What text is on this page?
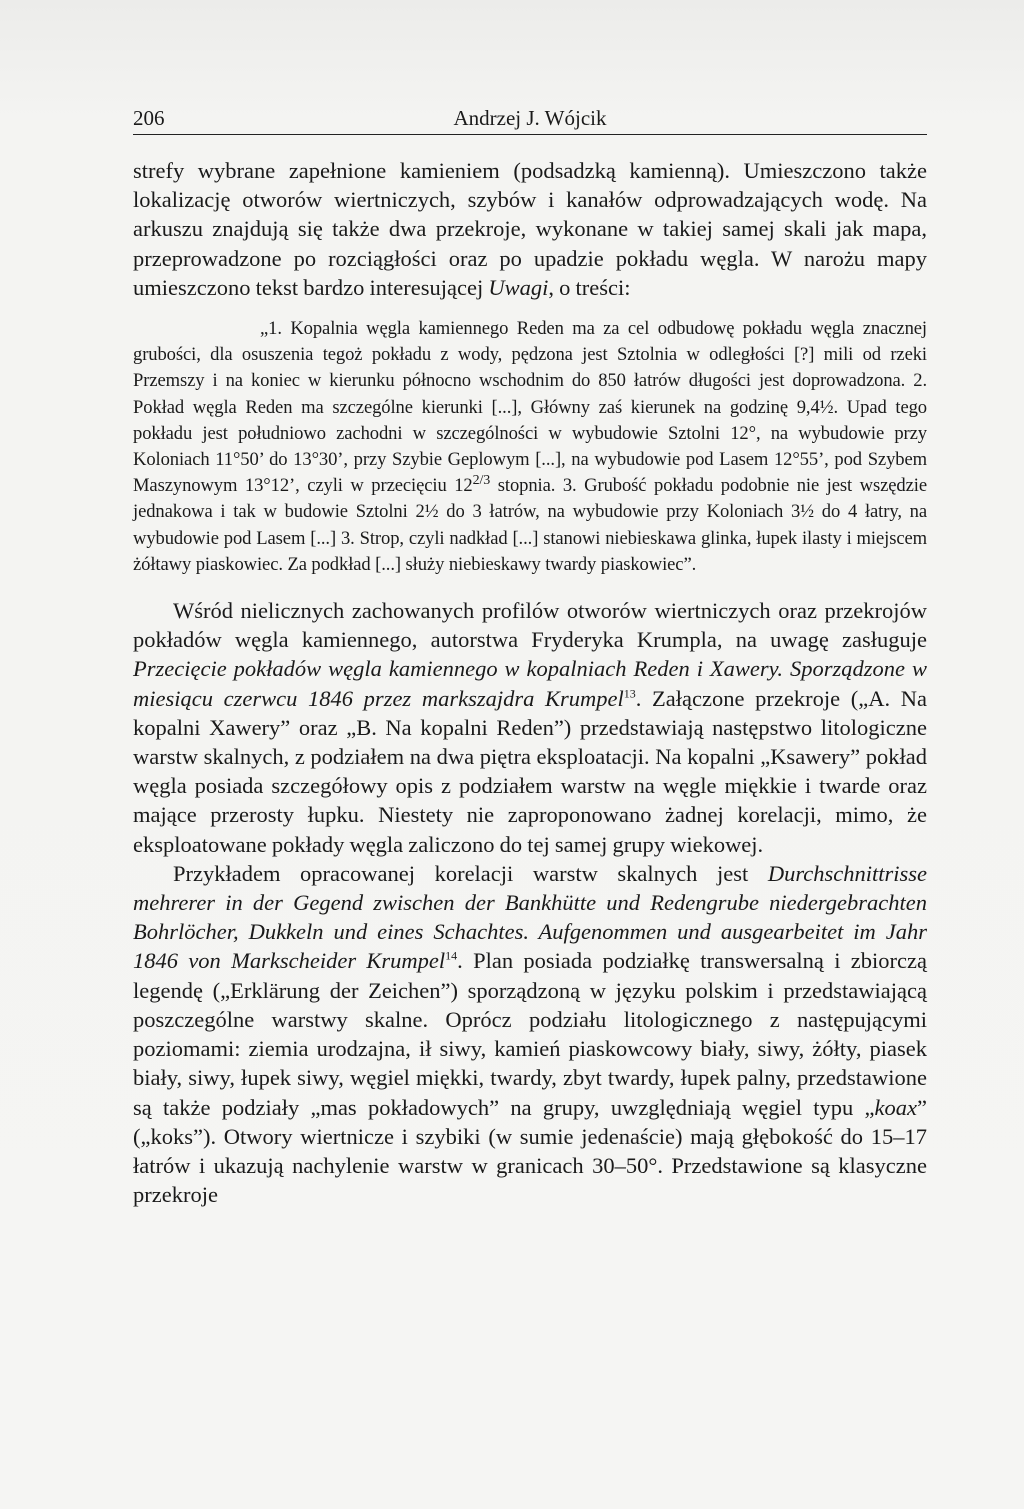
206	Andrzej J. Wójcik

strefy wybrane zapełnione kamieniem (podsadzką kamienną). Umieszczono także lokalizację otworów wiertniczych, szybów i kanałów odprowadzających wodę. Na arkuszu znajdują się także dwa przekroje, wykonane w takiej samej skali jak mapa, przeprowadzone po rozciągłości oraz po upadzie pokładu węgla. W narożu mapy umieszczono tekst bardzo interesującej Uwagi, o treści:

„1. Kopalnia węgla kamiennego Reden ma za cel odbudowę pokładu węgla znacznej grubości, dla osuszenia tegoż pokładu z wody, pędzona jest Sztolnia w odległości [?] mili od rzeki Przemszy i na koniec w kierunku północno wschodnim do 850 łatrów długości jest doprowadzona. 2. Pokład węgla Reden ma szczególne kierunki [...], Główny zaś kierunek na godzinę 9,4½. Upad tego pokładu jest południowo zachodni w szczególności w wybudowie Sztolni 12°, na wybudowie przy Koloniach 11°50’ do 13°30’, przy Szybie Geplowym [...], na wybudowie pod Lasem 12°55’, pod Szybem Maszynowym 13°12’, czyli w przecięciu $12^{2/3}$ stopnia. 3. Grubość pokładu podobnie nie jest wszędzie jednakowa i tak w budowie Sztolni 2½ do 3 łatrów, na wybudowie przy Koloniach 3½ do 4 łatry, na wybudowie pod Lasem [...] 3. Strop, czyli nadkład [...] stanowi niebieskawa glinka, łupek ilasty i miejscem żółtawy piaskowiec. Za podkład [...] służy niebieskawy twardy piaskowiec”.

Wśród nielicznych zachowanych profilów otworów wiertniczych oraz przekrojów pokładów węgla kamiennego, autorstwa Fryderyka Krumpla, na uwagę zasługuje Przecięcie pokładów węgla kamiennego w kopalniach Reden i Xawery. Sporządzone w miesiącu czerwcu 1846 przez markszajdra Krumpel$^{13}$. Załączone przekroje („A. Na kopalni Xawery” oraz „B. Na kopalni Reden”) przedstawiają następstwo litologiczne warstw skalnych, z podziałem na dwa piętra eksploatacji. Na kopalni „Ksawery” pokład węgla posiada szczegółowy opis z podziałem warstw na węgle miękkie i twarde oraz mające przerosty łupku. Niestety nie zaproponowano żadnej korelacji, mimo, że eksploatowane pokłady węgla zaliczono do tej samej grupy wiekowej.

Przykładem opracowanej korelacji warstw skalnych jest Durchschnittrisse mehrerer in der Gegend zwischen der Bankhütte und Redengrube niedergebrachten Bohrlöcher, Dukkeln und eines Schachtes. Aufgenommen und ausgearbeitet im Jahr 1846 von Markscheider Krumpel$^{14}$. Plan posiada podziałkę transwersalną i zbiorczą legendę („Erklärung der Zeichen”) sporządzoną w języku polskim i przedstawiającą poszczególne warstwy skalne. Oprócz podziału litologicznego z następującymi poziomami: ziemia urodzajna, ił siwy, kamień piaskowcowy biały, siwy, żółty, piasek biały, siwy, łupek siwy, węgiel miękki, twardy, zbyt twardy, łupek palny, przedstawione są także podziały „mas pokładowych” na grupy, uwzględniają węgiel typu „koax” („koks”). Otwory wiertnicze i szybiki (w sumie jedenaście) mają głębokość do 15–17 łatrów i ukazują nachylenie warstw w granicach 30–50°. Przedstawione są klasyczne przekroje
